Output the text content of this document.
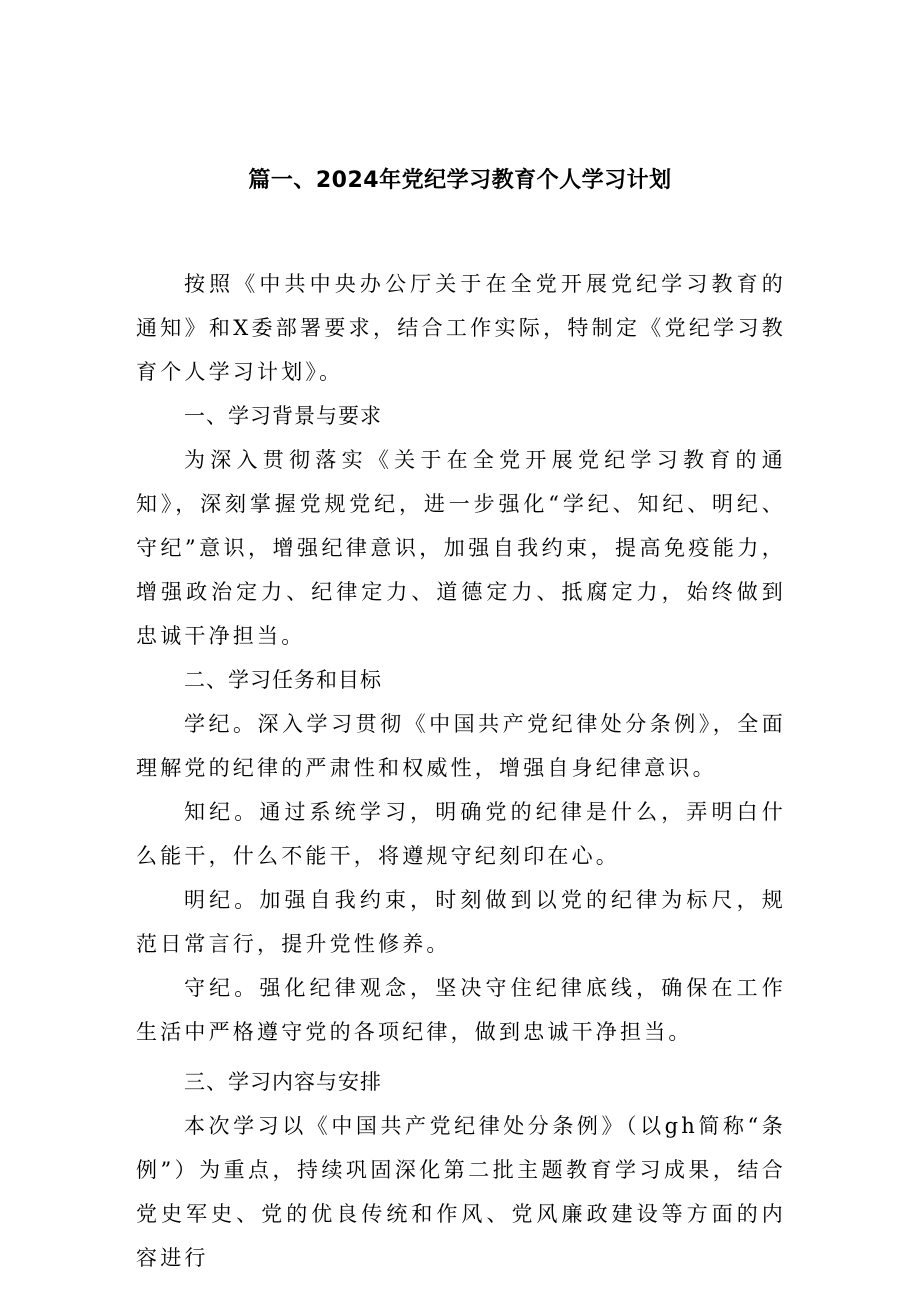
篇一、2024年党纪学习教育个人学习计划

按照《中共中央办公厅关于在全党开展党纪学习教育的通知》和X委部署要求，结合工作实际，特制定《党纪学习教育个人学习计划》。

一、学习背景与要求

为深入贯彻落实《关于在全党开展党纪学习教育的通知》，深刻掌握党规党纪，进一步强化“学纪、知纪、明纪、守纪”意识，增强纪律意识，加强自我约束，提高免疫能力，增强政治定力、纪律定力、道德定力、抵腐定力，始终做到忠诚干净担当。

二、学习任务和目标

学纪。深入学习贯彻《中国共产党纪律处分条例》，全面理解党的纪律的严肃性和权威性，增强自身纪律意识。

知纪。通过系统学习，明确党的纪律是什么，弄明白什么能干，什么不能干，将遵规守纪刻印在心。

明纪。加强自我约束，时刻做到以党的纪律为标尺，规范日常言行，提升党性修养。

守纪。强化纪律观念，坚决守住纪律底线，确保在工作生活中严格遵守党的各项纪律，做到忠诚干净担当。

三、学习内容与安排

本次学习以《中国共产党纪律处分条例》（以gh简称“条例”）为重点，持续巩固深化第二批主题教育学习成果，结合党史军史、党的优良传统和作风、党风廉政建设等方面的内容进行
